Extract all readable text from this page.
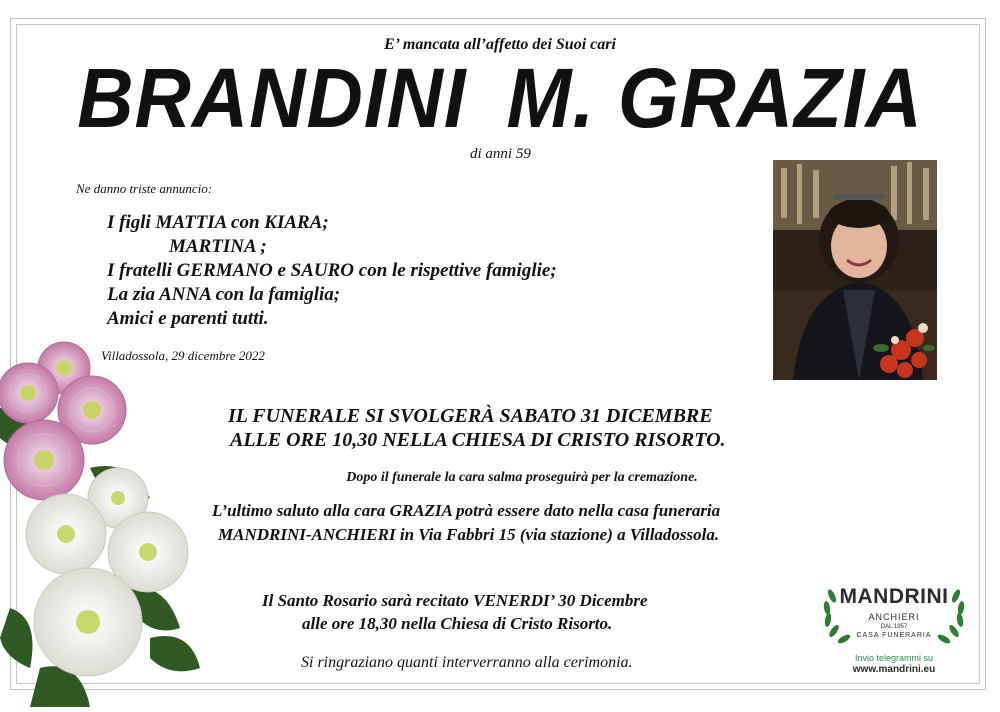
E’ mancata all’affetto dei Suoi cari
BRANDINI M. GRAZIA
di anni 59
Ne danno triste annuncio:
I figli MATTIA con KIARA;
MARTINA ;
I fratelli GERMANO e SAURO con le rispettive famiglie;
La zia ANNA con la famiglia;
Amici e parenti tutti.
Villadossola, 29 dicembre 2022
IL FUNERALE SI SVOLGERÀ SABATO 31 DICEMBRE
ALLE ORE 10,30 NELLA CHIESA DI CRISTO RISORTO.
Dopo il funerale la cara salma proseguirà per la cremazione.
L’ultimo saluto alla cara GRAZIA potrà essere dato nella casa funeraria
MANDRINI-ANCHIERI in Via Fabbri 15 (via stazione) a Villadossola.
Il Santo Rosario sarà recitato VENERDI’ 30 Dicembre
alle ore 18,30 nella Chiesa di Cristo Risorto.
Si ringraziano quanti interverranno alla cerimonia.
MANDRINI
ANCHIERI
DAL 1957
CASA FUNERARIA
Invio telegrammi su
www.mandrini.eu
